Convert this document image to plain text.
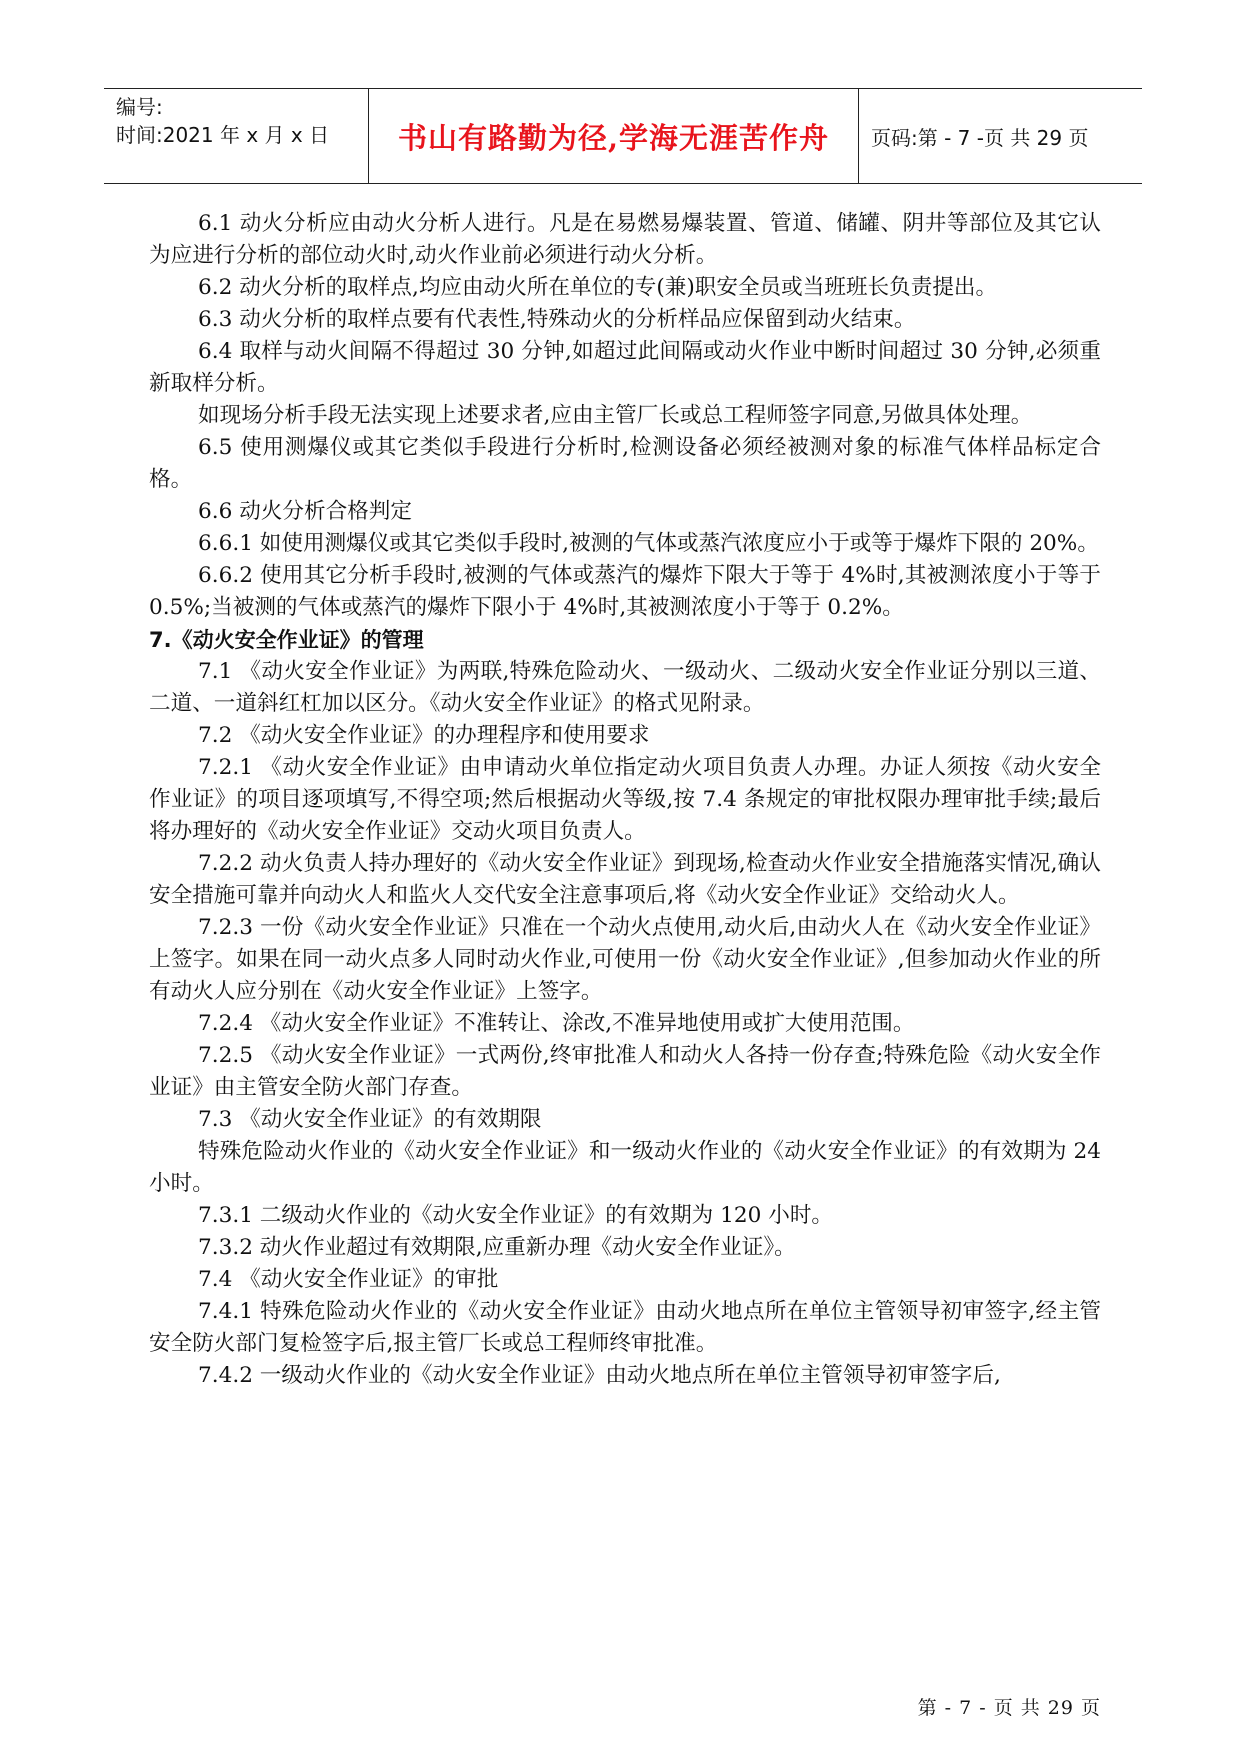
编号:
时间:2021 年 x 月 x 日	书山有路勤为径,学海无涯苦作舟	页码:第 - 7 -页 共 29 页

6.1 动火分析应由动火分析人进行。凡是在易燃易爆装置、管道、储罐、阴井等部位及其它认为应进行分析的部位动火时,动火作业前必须进行动火分析。

6.2 动火分析的取样点,均应由动火所在单位的专(兼)职安全员或当班班长负责提出。

6.3 动火分析的取样点要有代表性,特殊动火的分析样品应保留到动火结束。

6.4 取样与动火间隔不得超过 30 分钟,如超过此间隔或动火作业中断时间超过 30 分钟,必须重新取样分析。

如现场分析手段无法实现上述要求者,应由主管厂长或总工程师签字同意,另做具体处理。

6.5 使用测爆仪或其它类似手段进行分析时,检测设备必须经被测对象的标准气体样品标定合格。

6.6 动火分析合格判定

6.6.1 如使用测爆仪或其它类似手段时,被测的气体或蒸汽浓度应小于或等于爆炸下限的 20%。

6.6.2 使用其它分析手段时,被测的气体或蒸汽的爆炸下限大于等于 4%时,其被测浓度小于等于 0.5%;当被测的气体或蒸汽的爆炸下限小于 4%时,其被测浓度小于等于 0.2%。

7.《动火安全作业证》的管理

7.1 《动火安全作业证》为两联,特殊危险动火、一级动火、二级动火安全作业证分别以三道、二道、一道斜红杠加以区分。《动火安全作业证》的格式见附录。

7.2 《动火安全作业证》的办理程序和使用要求

7.2.1 《动火安全作业证》由申请动火单位指定动火项目负责人办理。办证人须按《动火安全作业证》的项目逐项填写,不得空项;然后根据动火等级,按 7.4 条规定的审批权限办理审批手续;最后将办理好的《动火安全作业证》交动火项目负责人。

7.2.2 动火负责人持办理好的《动火安全作业证》到现场,检查动火作业安全措施落实情况,确认安全措施可靠并向动火人和监火人交代安全注意事项后,将《动火安全作业证》交给动火人。

7.2.3 一份《动火安全作业证》只准在一个动火点使用,动火后,由动火人在《动火安全作业证》上签字。如果在同一动火点多人同时动火作业,可使用一份《动火安全作业证》,但参加动火作业的所有动火人应分别在《动火安全作业证》上签字。

7.2.4 《动火安全作业证》不准转让、涂改,不准异地使用或扩大使用范围。

7.2.5 《动火安全作业证》一式两份,终审批准人和动火人各持一份存查;特殊危险《动火安全作业证》由主管安全防火部门存查。

7.3 《动火安全作业证》的有效期限

特殊危险动火作业的《动火安全作业证》和一级动火作业的《动火安全作业证》的有效期为 24 小时。

7.3.1 二级动火作业的《动火安全作业证》的有效期为 120 小时。

7.3.2 动火作业超过有效期限,应重新办理《动火安全作业证》。

7.4 《动火安全作业证》的审批

7.4.1 特殊危险动火作业的《动火安全作业证》由动火地点所在单位主管领导初审签字,经主管安全防火部门复检签字后,报主管厂长或总工程师终审批准。

7.4.2 一级动火作业的《动火安全作业证》由动火地点所在单位主管领导初审签字后,

第 - 7 - 页 共 29 页
